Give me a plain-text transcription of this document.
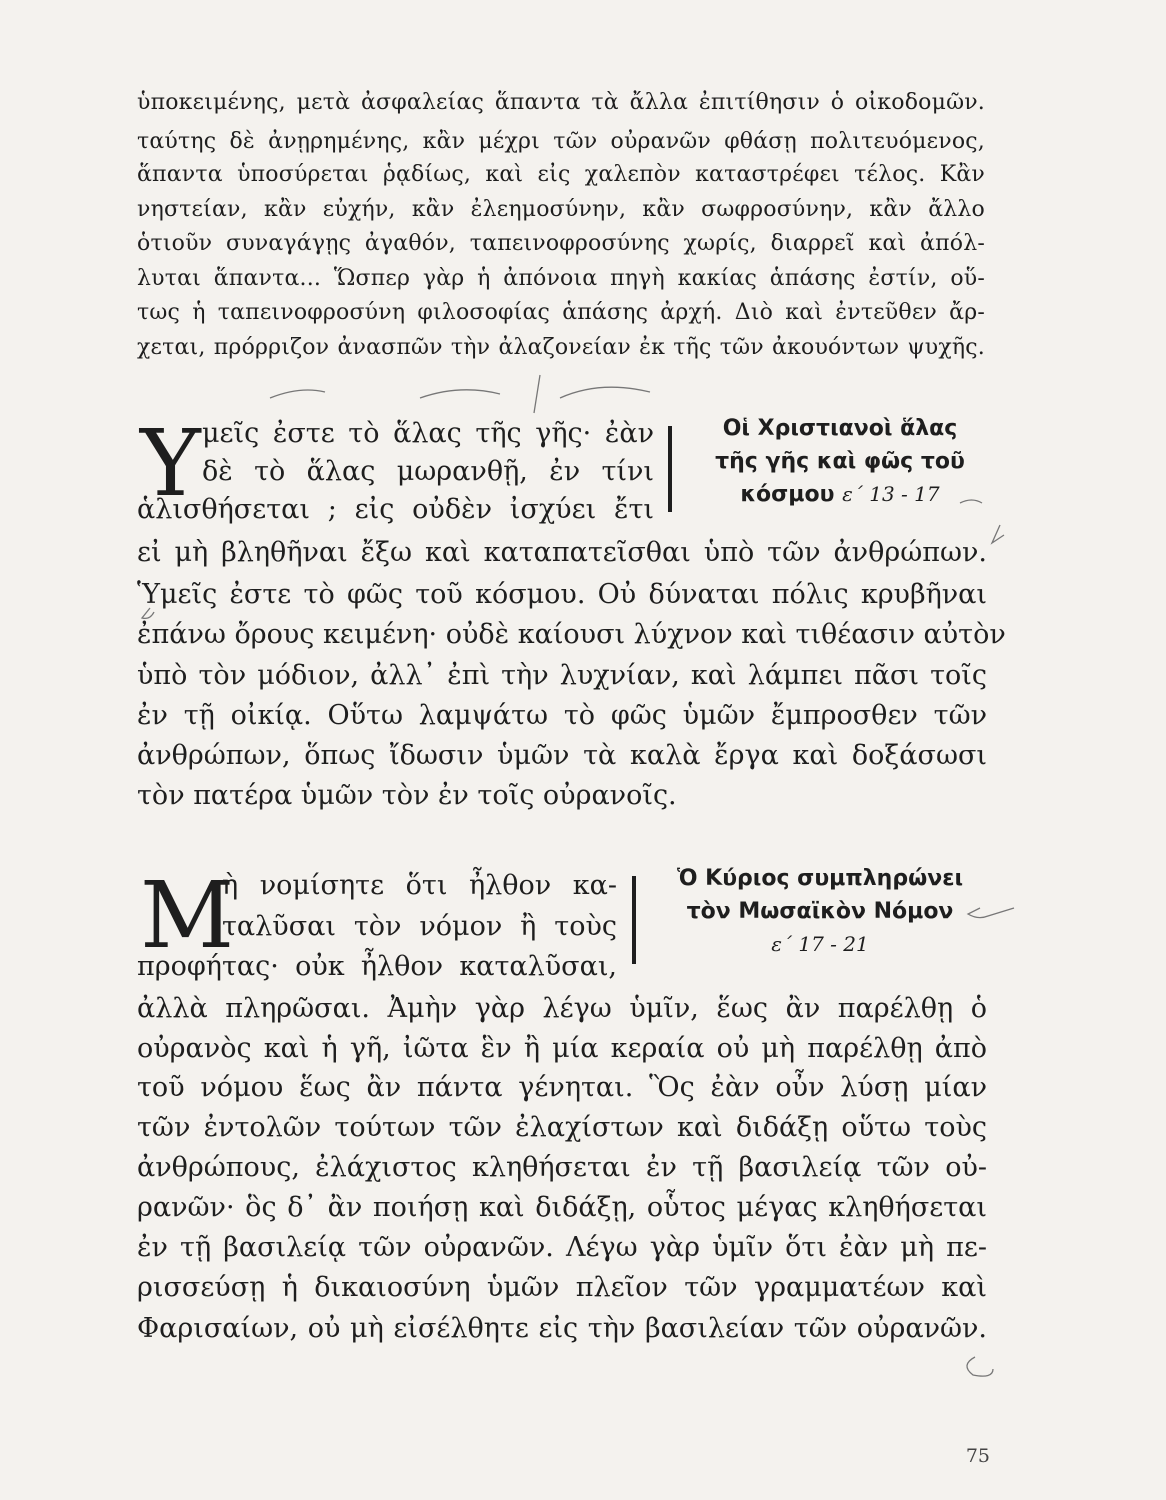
ὑποκειμένης, μετὰ ἀσφαλείας ἅπαντα τὰ ἄλλα ἐπιτίθησιν ὁ οἰκοδομῶν.
ταύτης δὲ ἀνῃρημένης, κἂν μέχρι τῶν οὐρανῶν φθάσῃ πολιτευόμενος,
ἅπαντα ὑποσύρεται ῥᾳδίως, καὶ εἰς χαλεπὸν καταστρέφει τέλος. Κἂν
νηστείαν, κἂν εὐχήν, κἂν ἐλεημοσύνην, κἂν σωφροσύνην, κἂν ἄλλο
ὁτιοῦν συναγάγῃς ἀγαθόν, ταπεινοφροσύνης χωρίς, διαρρεῖ καὶ ἀπόλ-
λυται ἅπαντα... Ὥσπερ γὰρ ἡ ἀπόνοια πηγὴ κακίας ἁπάσης ἐστίν, οὕ-
τως ἡ ταπεινοφροσύνη φιλοσοφίας ἁπάσης ἀρχή. Διὸ καὶ ἐντεῦθεν ἄρ-
χεται, πρόρριζον ἀνασπῶν τὴν ἀλαζονείαν ἐκ τῆς τῶν ἀκουόντων ψυχῆς.
Υ μεῖς ἐστε τὸ ἅλας τῆς γῆς· ἐὰν
δὲ τὸ ἅλας μωρανθῇ, ἐν τίνι
ἁλισθήσεται ; εἰς οὐδὲν ἰσχύει ἔτι
εἰ μὴ βληθῆναι ἔξω καὶ καταπατεῖσθαι ὑπὸ τῶν ἀνθρώπων.
Ὑμεῖς ἐστε τὸ φῶς τοῦ κόσμου. Οὐ δύναται πόλις κρυβῆναι
ἐπάνω ὄρους κειμένη· οὐδὲ καίουσι λύχνον καὶ τιθέασιν αὐτὸν
ὑπὸ τὸν μόδιον, ἀλλ᾿ ἐπὶ τὴν λυχνίαν, καὶ λάμπει πᾶσι τοῖς
ἐν τῇ οἰκίᾳ. Οὕτω λαμψάτω τὸ φῶς ὑμῶν ἔμπροσθεν τῶν
ἀνθρώπων, ὅπως ἴδωσιν ὑμῶν τὰ καλὰ ἔργα καὶ δοξάσωσι
τὸν πατέρα ὑμῶν τὸν ἐν τοῖς οὐρανοῖς.
Οἱ Χριστιανοὶ ἅλας
τῆς γῆς καὶ φῶς τοῦ
κόσμου ε΄ 13 - 17
Μ
ὴ νομίσητε ὅτι ἦλθον κα-
ταλῦσαι τὸν νόμον ἢ τοὺς
προφήτας· οὐκ ἦλθον καταλῦσαι,
ἀλλὰ πληρῶσαι. Ἀμὴν γὰρ λέγω ὑμῖν, ἕως ἂν παρέλθῃ ὁ
οὐρανὸς καὶ ἡ γῆ, ἰῶτα ἓν ἢ μία κεραία οὐ μὴ παρέλθῃ ἀπὸ
τοῦ νόμου ἕως ἂν πάντα γένηται. Ὃς ἐὰν οὖν λύσῃ μίαν
τῶν ἐντολῶν τούτων τῶν ἐλαχίστων καὶ διδάξῃ οὕτω τοὺς
ἀνθρώπους, ἐλάχιστος κληθήσεται ἐν τῇ βασιλείᾳ τῶν οὐ-
ρανῶν· ὃς δ᾿ ἂν ποιήσῃ καὶ διδάξῃ, οὗτος μέγας κληθήσεται
ἐν τῇ βασιλείᾳ τῶν οὐρανῶν. Λέγω γὰρ ὑμῖν ὅτι ἐὰν μὴ πε-
ρισσεύσῃ ἡ δικαιοσύνη ὑμῶν πλεῖον τῶν γραμματέων καὶ
Φαρισαίων, οὐ μὴ εἰσέλθητε εἰς τὴν βασιλείαν τῶν οὐρανῶν.
Ὁ Κύριος συμπληρώνει
τὸν Μωσαϊκὸν Νόμον
ε΄ 17 - 21
75
